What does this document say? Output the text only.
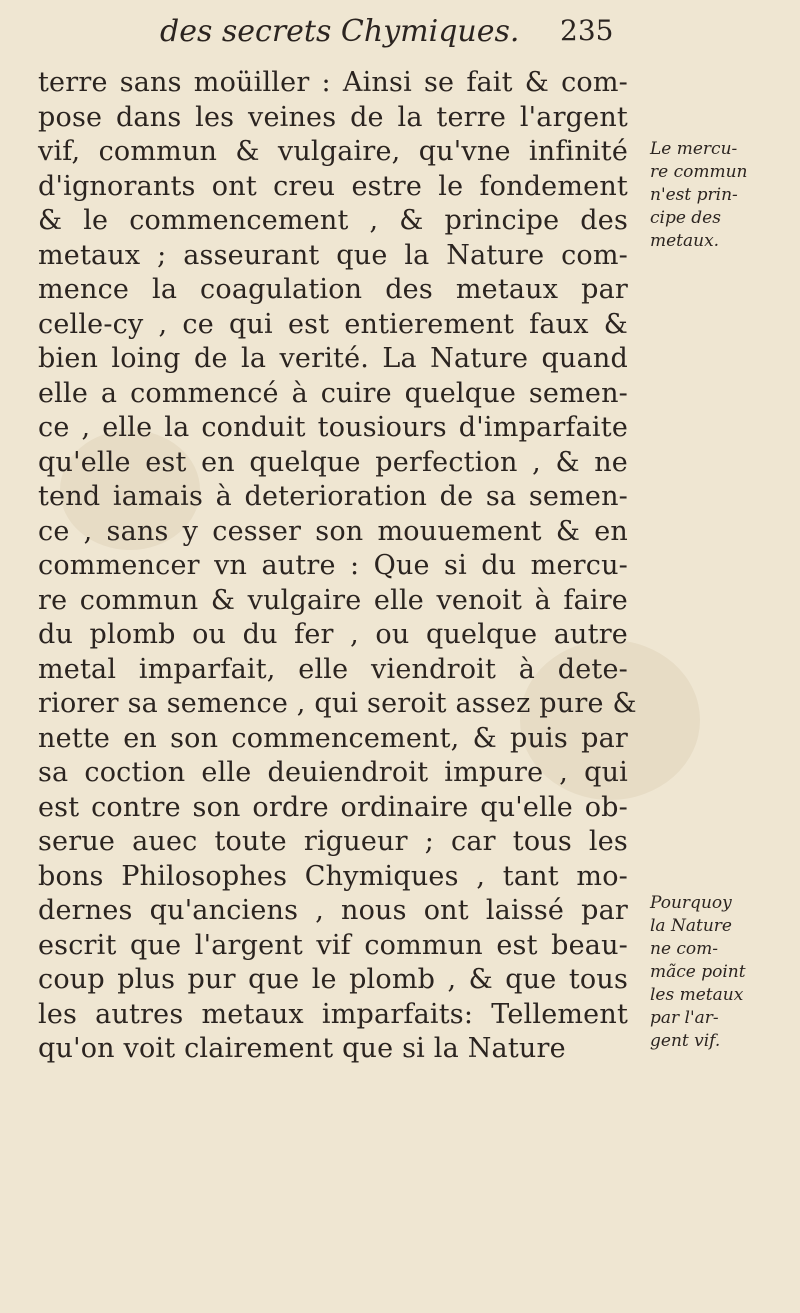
des secrets Chymiques. 235
terre sans moüiller : Ainsi se fait & com-
pose dans les veines de la terre l'argent
vif, commun & vulgaire, qu'vne infinité
d'ignorants ont creu estre le fondement
& le commencement , & principe des
metaux ; asseurant que la Nature com-
mence la coagulation des metaux par
celle-cy , ce qui est entierement faux &
bien loing de la verité. La Nature quand
elle a commencé à cuire quelque semen-
ce , elle la conduit tousiours d'imparfaite
qu'elle est en quelque perfection , & ne
tend iamais à deterioration de sa semen-
ce , sans y cesser son mouuement & en
commencer vn autre : Que si du mercu-
re commun & vulgaire elle venoit à faire
du plomb ou du fer , ou quelque autre
metal imparfait, elle viendroit à dete-
riorer sa semence , qui seroit assez pure &
nette en son commencement, & puis par
sa coction elle deuiendroit impure , qui
est contre son ordre ordinaire qu'elle ob-
serue auec toute rigueur ; car tous les
bons Philosophes Chymiques , tant mo-
dernes qu'anciens , nous ont laissé par
escrit que l'argent vif commun est beau-
coup plus pur que le plomb , & que tous
les autres metaux imparfaits: Tellement
qu'on voit clairement que si la Nature
Le mercu-
re commun
n'est prin-
cipe des
metaux.
Pourquoy
la Nature
ne com-
mãce point
les metaux
par l'ar-
gent vif.
